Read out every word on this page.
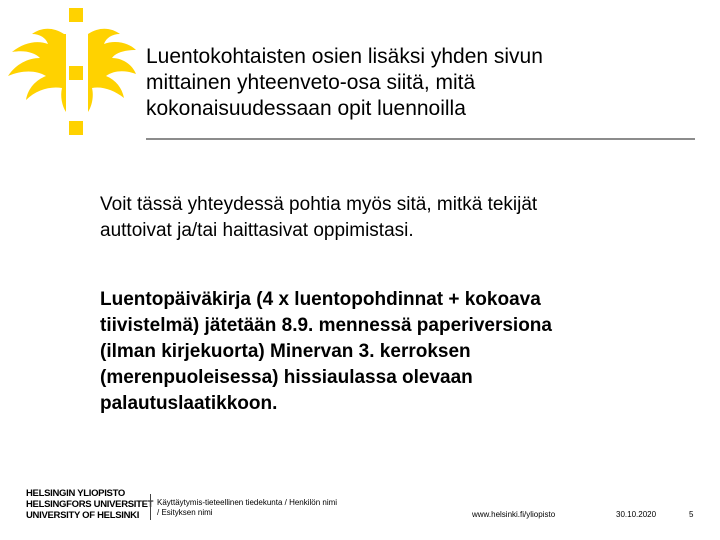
Luentokohtaisten osien lisäksi yhden sivun
mittainen yhteenveto-osa siitä, mitä
kokonaisuudessaan opit luennoilla
Voit tässä yhteydessä pohtia myös sitä, mitkä tekijät
auttoivat ja/tai haittasivat oppimistasi.
Luentopäiväkirja (4 x luentopohdinnat + kokoava
tiivistelmä) jätetään 8.9. mennessä paperiversiona
(ilman kirjekuorta) Minervan 3. kerroksen
(merenpuoleisessa) hissiaulassa olevaan
palautuslaatikkoon.
HELSINGIN YLIOPISTO
HELSINGFORS UNIVERSITET
UNIVERSITY OF HELSINKI
Käyttäytymis-tieteellinen tiedekunta / Henkilön nimi
/ Esityksen nimi	www.helsinki.fi/yliopisto	30.10.2020	5
